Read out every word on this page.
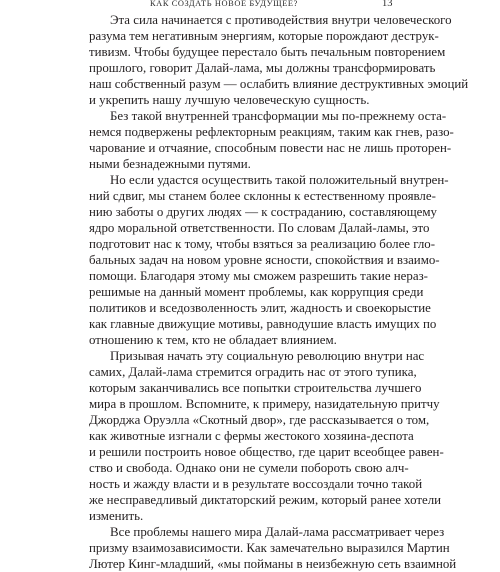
КАК СОЗДАТЬ НОВОЕ БУДУЩЕЕ?	13
Эта сила начинается с противодействия внутри человеческого
разума тем негативным энергиям, которые порождают деструк-
тивизм. Чтобы будущее перестало быть печальным повторением
прошлого, говорит Далай-лама, мы должны трансформировать
наш собственный разум — ослабить влияние деструктивных эмоций
и укрепить нашу лучшую человеческую сущность.
Без такой внутренней трансформации мы по-прежнему оста-
немся подвержены рефлекторным реакциям, таким как гнев, разо-
чарование и отчаяние, способным повести нас не лишь проторен-
ными безнадежными путями.
Но если удастся осуществить такой положительный внутрен-
ний сдвиг, мы станем более склонны к естественному проявле-
нию заботы о других людях — к состраданию, составляющему
ядро моральной ответственности. По словам Далай-ламы, это
подготовит нас к тому, чтобы взяться за реализацию более гло-
бальных задач на новом уровне ясности, спокойствия и взаимо-
помощи. Благодаря этому мы сможем разрешить такие нераз-
решимые на данный момент проблемы, как коррупция среди
политиков и вседозволенность элит, жадность и своекорыстие
как главные движущие мотивы, равнодушие власть имущих по
отношению к тем, кто не обладает влиянием.
Призывая начать эту социальную революцию внутри нас
самих, Далай-лама стремится оградить нас от этого тупика,
которым заканчивались все попытки строительства лучшего
мира в прошлом. Вспомните, к примеру, назидательную притчу
Джорджа Оруэлла «Скотный двор», где рассказывается о том,
как животные изгнали с фермы жестокого хозяина-деспота
и решили построить новое общество, где царит всеобщее равен-
ство и свобода. Однако они не сумели побороть свою алч-
ность и жажду власти и в результате воссоздали точно такой
же несправедливый диктаторский режим, который ранее хотели
изменить.
Все проблемы нашего мира Далай-лама рассматривает через
призму взаимозависимости. Как замечательно выразился Мартин
Лютер Кинг-младший, «мы пойманы в неизбежную сеть взаимной
